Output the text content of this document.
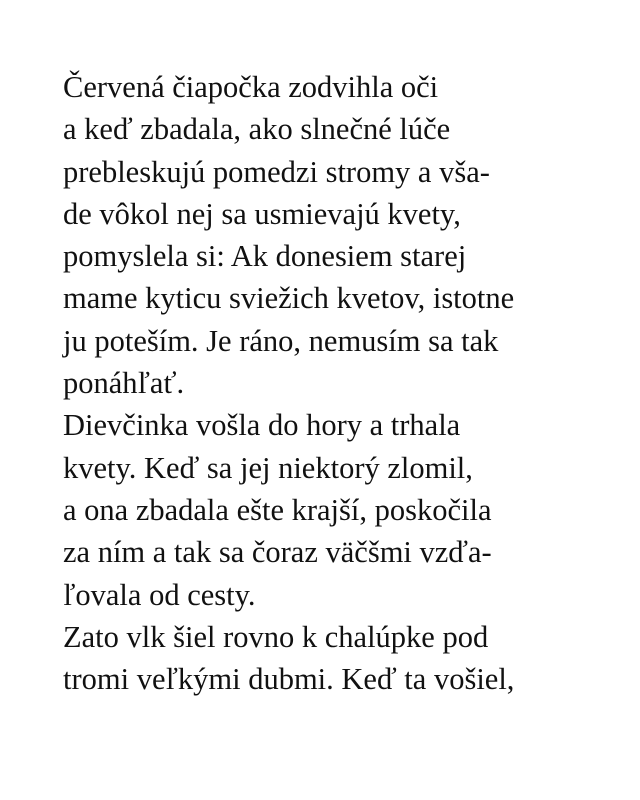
Červená čiapočka zodvihla oči
a keď zbadala, ako slnečné lúče
prebleskujú pomedzi stromy a vša-
de vôkol nej sa usmievajú kvety,
pomyslela si: Ak donesiem starej
mame kyticu sviežich kvetov, istotne
ju poteším. Je ráno, nemusím sa tak
ponáhľať.
Dievčinka vošla do hory a trhala
kvety. Keď sa jej niektorý zlomil,
a ona zbadala ešte krajší, poskočila
za ním a tak sa čoraz väčšmi vzďa-
ľovala od cesty.
Zato vlk šiel rovno k chalúpke pod
tromi veľkými dubmi. Keď ta vošiel,
